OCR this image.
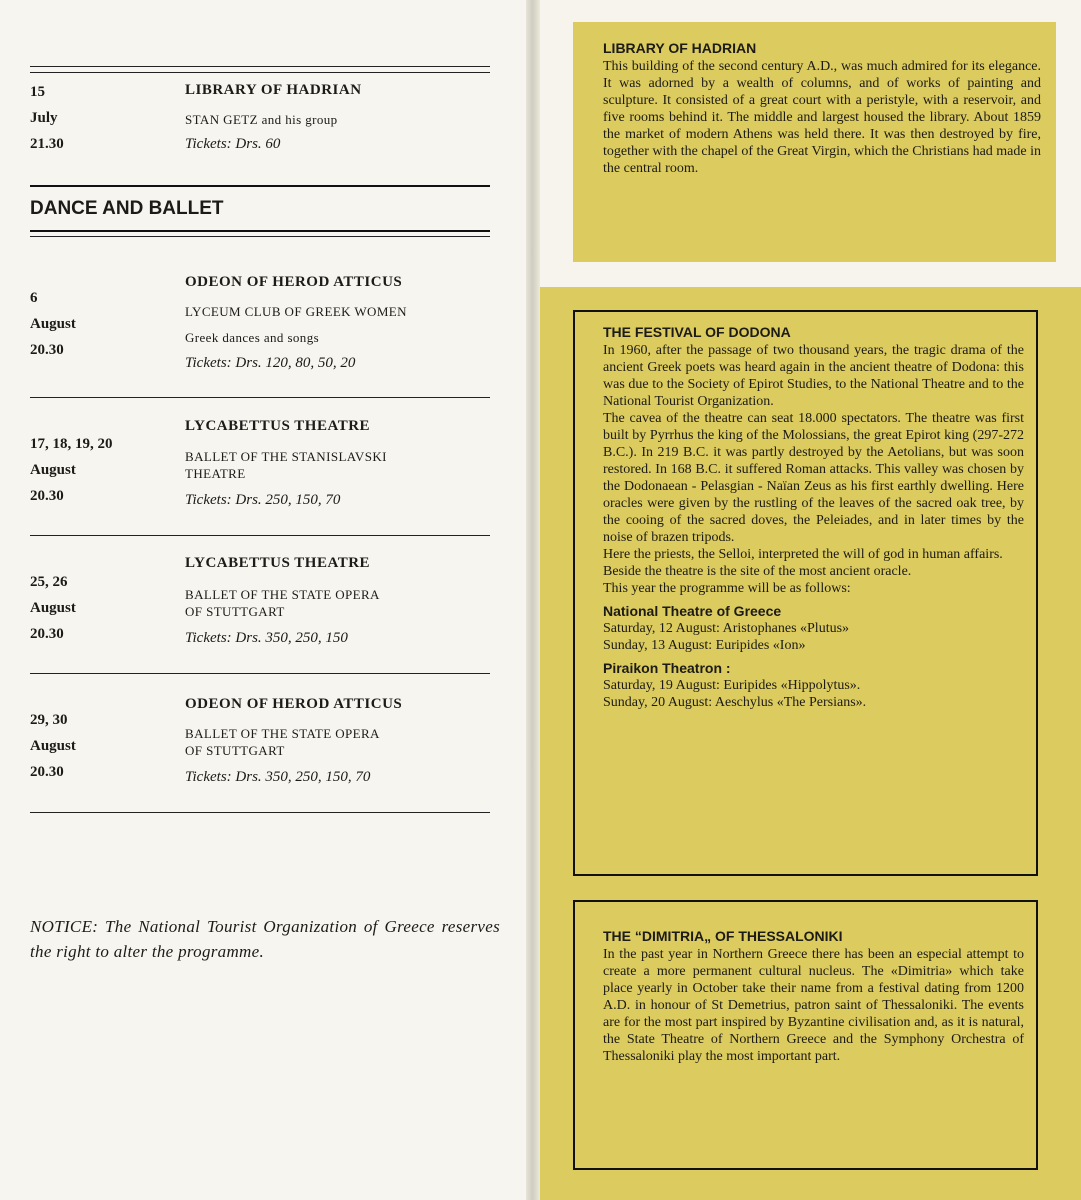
15
July
21.30
LIBRARY OF HADRIAN
STAN GETZ and his group
Tickets: Drs. 60
DANCE AND BALLET
ODEON OF HEROD ATTICUS
6
August
20.30
LYCEUM CLUB OF GREEK WOMEN
Greek dances and songs
Tickets: Drs. 120, 80, 50, 20
LYCABETTUS THEATRE
17, 18, 19, 20
August
20.30
BALLET OF THE STANISLAVSKI
THEATRE
Tickets: Drs. 250, 150, 70
LYCABETTUS THEATRE
25, 26
August
20.30
BALLET OF THE STATE OPERA
OF STUTTGART
Tickets: Drs. 350, 250, 150
ODEON OF HEROD ATTICUS
29, 30
August
20.30
BALLET OF THE STATE OPERA
OF STUTTGART
Tickets: Drs. 350, 250, 150, 70
NOTICE: The National Tourist Organization of Greece reserves the right to alter the programme.
LIBRARY OF HADRIAN

This building of the second century A.D., was much admired for its elegance. It was adorned by a wealth of columns, and of works of painting and sculpture. It consisted of a great court with a peristyle, with a reservoir, and five rooms behind it. The middle and largest housed the library. About 1859 the market of modern Athens was held there. It was then destroyed by fire, together with the chapel of the Great Virgin, which the Christians had made in the central room.

THE FESTIVAL OF DODONA

In 1960, after the passage of two thousand years, the tragic drama of the ancient Greek poets was heard again in the ancient theatre of Dodona: this was due to the Society of Epirot Studies, to the National Theatre and to the National Tourist Organization.

The cavea of the theatre can seat 18.000 spectators. The theatre was first built by Pyrrhus the king of the Molossians, the great Epirot king (297-272 B.C.). In 219 B.C. it was partly destroyed by the Aetolians, but was soon restored. In 168 B.C. it suffered Roman attacks. This valley was chosen by the Dodonaean - Pelasgian - Naïan Zeus as his first earthly dwelling. Here oracles were given by the rustling of the leaves of the sacred oak tree, by the cooing of the sacred doves, the Peleiades, and in later times by the noise of brazen tripods.

Here the priests, the Selloi, interpreted the will of god in human affairs.

Beside the theatre is the site of the most ancient oracle.

This year the programme will be as follows:

National Theatre of Greece

Saturday, 12 August: Aristophanes «Plutus»

Sunday, 13 August: Euripides «Ion»

Piraikon Theatron :

Saturday, 19 August: Euripides «Hippolytus».

Sunday, 20 August: Aeschylus «The Persians».

THE “DIMITRIA„ OF THESSALONIKI

In the past year in Northern Greece there has been an especial attempt to create a more permanent cultural nucleus. The «Dimitria» which take place yearly in October take their name from a festival dating from 1200 A.D. in honour of St Demetrius, patron saint of Thessaloniki. The events are for the most part inspired by Byzantine civilisation and, as it is natural, the State Theatre of Northern Greece and the Symphony Orchestra of Thessaloniki play the most important part.
